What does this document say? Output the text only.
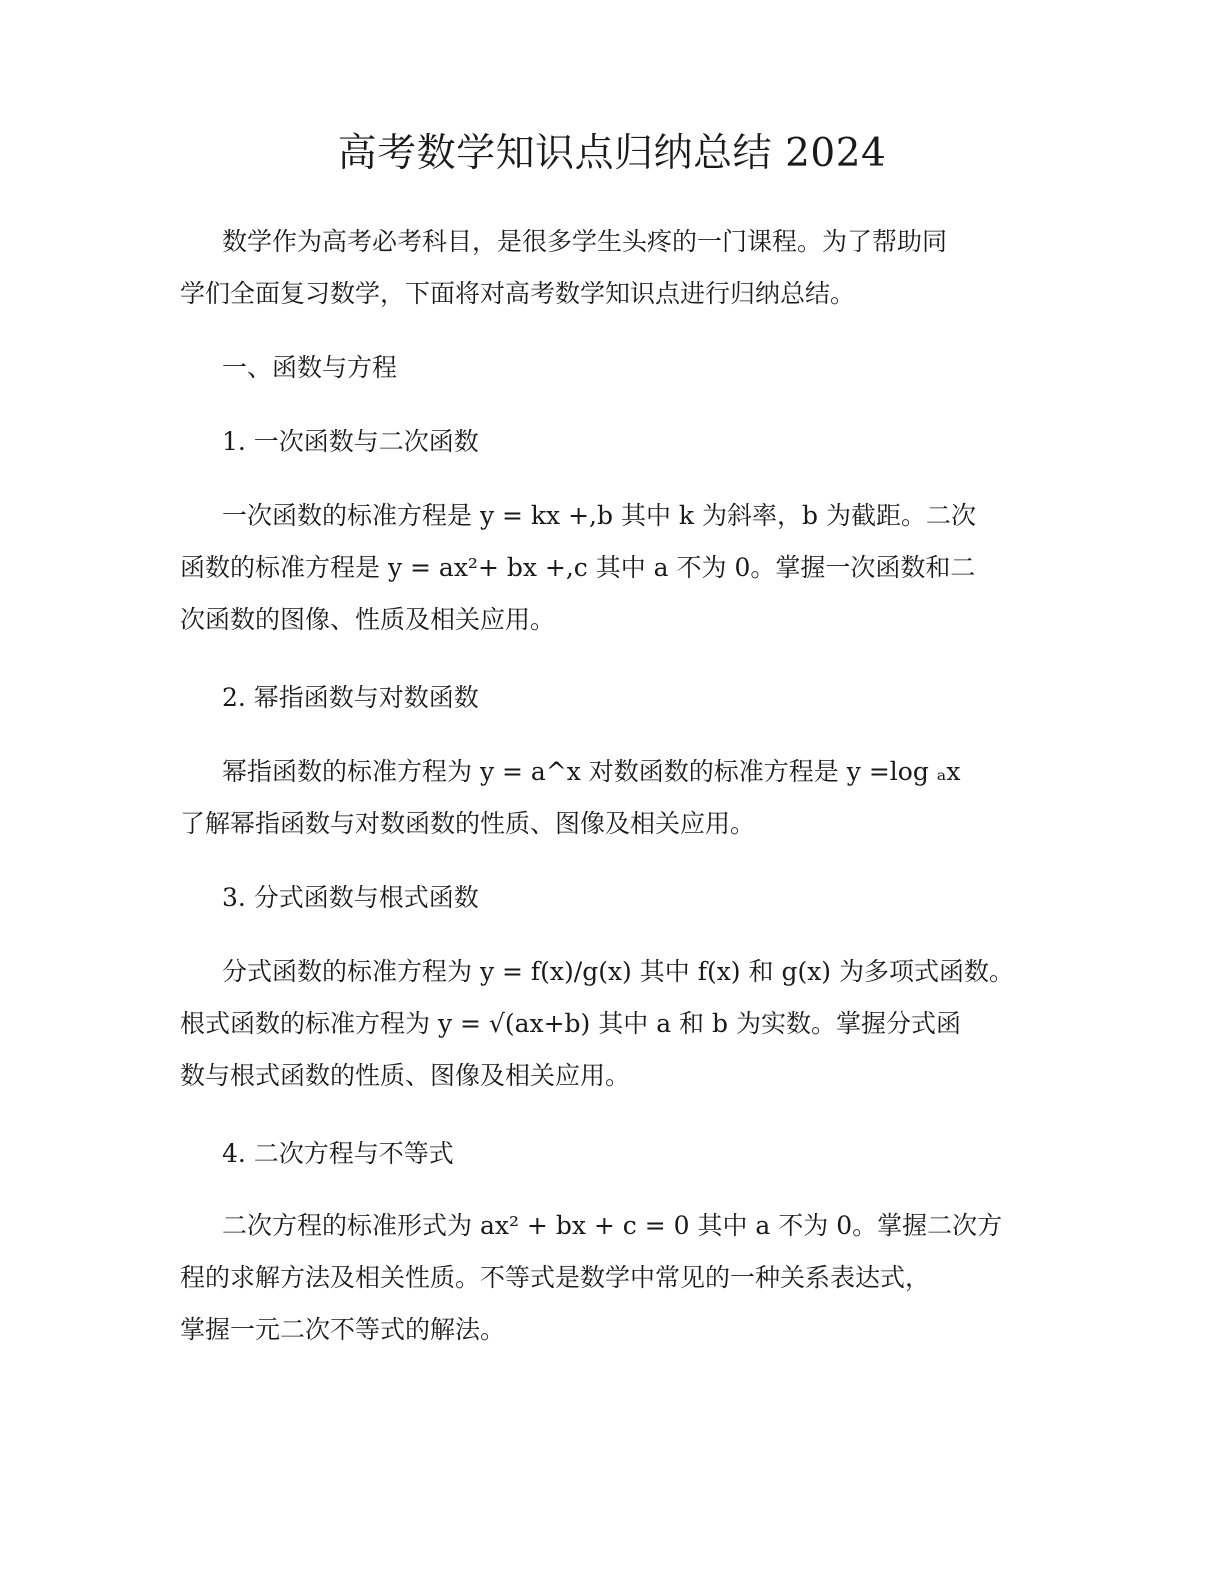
高考数学知识点归纳总结 2024

数学作为高考必考科目，是很多学生头疼的一门课程。为了帮助同
学们全面复习数学，下面将对高考数学知识点进行归纳总结。

一、函数与方程
1. 一次函数与二次函数

一次函数的标准方程是 y = kx +,b 其中 k 为斜率，b 为截距。二次
函数的标准方程是 y = ax²+ bx +,c 其中 a 不为 0。掌握一次函数和二
次函数的图像、性质及相关应用。

2. 幂指函数与对数函数

幂指函数的标准方程为 y = a^x 对数函数的标准方程是 y =log ₐx
了解幂指函数与对数函数的性质、图像及相关应用。

3. 分式函数与根式函数

分式函数的标准方程为 y = f(x)/g(x) 其中 f(x) 和 g(x) 为多项式函数。
根式函数的标准方程为 y = √(ax+b) 其中 a 和 b 为实数。掌握分式函
数与根式函数的性质、图像及相关应用。

4. 二次方程与不等式

二次方程的标准形式为 ax² + bx + c = 0 其中 a 不为 0。掌握二次方
程的求解方法及相关性质。不等式是数学中常见的一种关系表达式，
掌握一元二次不等式的解法。
